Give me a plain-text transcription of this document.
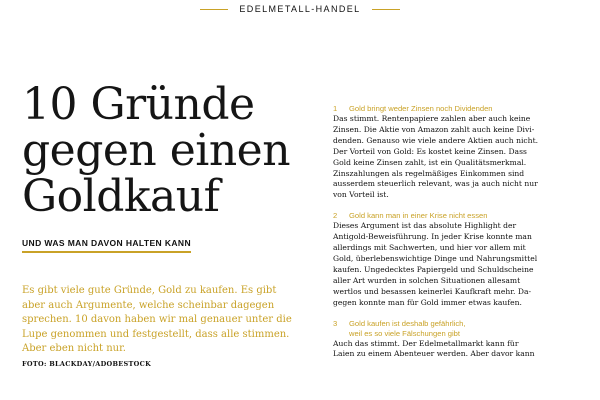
EDELMETALL-HANDEL
10 Gründe
gegen einen
Goldkauf
UND WAS MAN DAVON HALTEN KANN

Es gibt viele gute Gründe, Gold zu kaufen. Es gibt
aber auch Argumente, welche scheinbar dagegen
sprechen. 10 davon haben wir mal genauer unter die
Lupe genommen und festgestellt, dass alle stimmen.
Aber eben nicht nur.

FOTO: BLACKDAY/ADOBESTOCK
1	Gold bringt weder Zinsen noch Dividenden
Das stimmt. Rentenpapiere zahlen aber auch keine
Zinsen. Die Aktie von Amazon zahlt auch keine Divi-
denden. Genauso wie viele andere Aktien auch nicht.
Der Vorteil von Gold: Es kostet keine Zinsen. Dass
Gold keine Zinsen zahlt, ist ein Qualitätsmerkmal.
Zinszahlungen als regelmäßiges Einkommen sind
ausserdem steuerlich relevant, was ja auch nicht nur
von Vorteil ist.
2	Gold kann man in einer Krise nicht essen
Dieses Argument ist das absolute Highlight der
Antigold-Beweisführung. In jeder Krise konnte man
allerdings mit Sachwerten, und hier vor allem mit
Gold, überlebenswichtige Dinge und Nahrungsmittel
kaufen. Ungedecktes Papiergeld und Schuldscheine
aller Art wurden in solchen Situationen allesamt
wertlos und besassen keinerlei Kaufkraft mehr. Da-
gegen konnte man für Gold immer etwas kaufen.
3	Gold kaufen ist deshalb gefährlich,
weil es so viele Fälschungen gibt
Auch das stimmt. Der Edelmetallmarkt kann für
Laien zu einem Abenteuer werden. Aber davor kann
